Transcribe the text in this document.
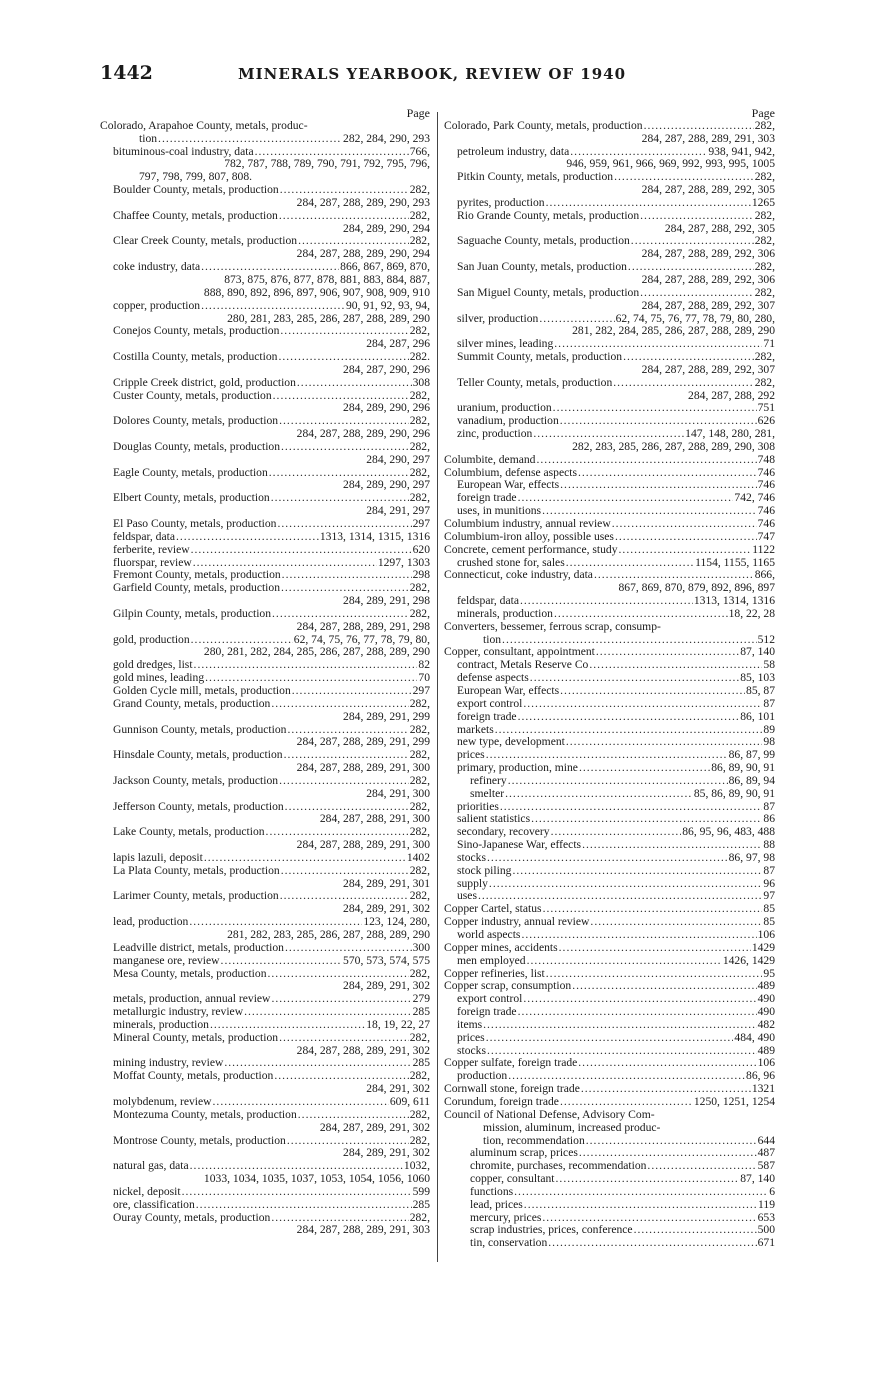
1442	MINERALS YEARBOOK, REVIEW OF 1940
Page
Colorado, Arapahoe County, metals, produc-
tion .....	282, 284, 290, 293
bituminous-coal industry, data .....	766,
782, 787, 788, 789, 790, 791, 792, 795, 796,
797, 798, 799, 807, 808.
Boulder County, metals, production .....	282,
284, 287, 288, 289, 290, 293
Chaffee County, metals, production .....	282,
284, 289, 290, 294
Clear Creek County, metals, production .....	282,
284, 287, 288, 289, 290, 294
coke industry, data .....	866, 867, 869, 870,
873, 875, 876, 877, 878, 881, 883, 884, 887,
888, 890, 892, 896, 897, 906, 907, 908, 909, 910
copper, production .....	90, 91, 92, 93, 94,
280, 281, 283, 285, 286, 287, 288, 289, 290
Conejos County, metals, production .....	282,
284, 287, 296
Costilla County, metals, production .....	282.
284, 287, 290, 296
Cripple Creek district, gold, production .....	308
Custer County, metals, production .....	282,
284, 289, 290, 296
Dolores County, metals, production .....	282,
284, 287, 288, 289, 290, 296
Douglas County, metals, production .....	282,
284, 290, 297
Eagle County, metals, production .....	282,
284, 289, 290, 297
Elbert County, metals, production .....	282,
284, 291, 297
El Paso County, metals, production .....	297
feldspar, data .....	1313, 1314, 1315, 1316
ferberite, review .....	620
fluorspar, review .....	1297, 1303
Fremont County, metals, production .....	298
Garfield County, metals, production .....	282,
284, 289, 291, 298
Gilpin County, metals, production .....	282,
284, 287, 288, 289, 291, 298
gold, production .....	62, 74, 75, 76, 77, 78, 79, 80,
280, 281, 282, 284, 285, 286, 287, 288, 289, 290
gold dredges, list .....	82
gold mines, leading .....	70
Golden Cycle mill, metals, production .....	297
Grand County, metals, production .....	282,
284, 289, 291, 299
Gunnison County, metals, production .....	282,
284, 287, 288, 289, 291, 299
Hinsdale County, metals, production .....	282,
284, 287, 288, 289, 291, 300
Jackson County, metals, production .....	282,
284, 291, 300
Jefferson County, metals, production .....	282,
284, 287, 288, 291, 300
Lake County, metals, production .....	282,
284, 287, 288, 289, 291, 300
lapis lazuli, deposit .....	1402
La Plata County, metals, production .....	282,
284, 289, 291, 301
Larimer County, metals, production .....	282,
284, 289, 291, 302
lead, production .....	123, 124, 280,
281, 282, 283, 285, 286, 287, 288, 289, 290
Leadville district, metals, production .....	300
manganese ore, review .....	570, 573, 574, 575
Mesa County, metals, production .....	282,
284, 289, 291, 302
metals, production, annual review .....	279
metallurgic industry, review .....	285
minerals, production .....	18, 19, 22, 27
Mineral County, metals, production .....	282,
284, 287, 288, 289, 291, 302
mining industry, review .....	285
Moffat County, metals, production .....	282,
284, 291, 302
molybdenum, review .....	609, 611
Montezuma County, metals, production .....	282,
284, 287, 289, 291, 302
Montrose County, metals, production .....	282,
284, 289, 291, 302
natural gas, data .....	1032,
1033, 1034, 1035, 1037, 1053, 1054, 1056, 1060
nickel, deposit .....	599
ore, classification .....	285
Ouray County, metals, production .....	282,
284, 287, 288, 289, 291, 303
Page
Colorado, Park County, metals, production .....	282,
284, 287, 288, 289, 291, 303
petroleum industry, data .....	938, 941, 942,
946, 959, 961, 966, 969, 992, 993, 995, 1005
Pitkin County, metals, production .....	282,
284, 287, 288, 289, 292, 305
pyrites, production .....	1265
Rio Grande County, metals, production .....	282,
284, 287, 288, 292, 305
Saguache County, metals, production .....	282,
284, 287, 288, 289, 292, 306
San Juan County, metals, production .....	282,
284, 287, 288, 289, 292, 306
San Miguel County, metals, production .....	282,
284, 287, 288, 289, 292, 307
silver, production .....	62, 74, 75, 76, 77, 78, 79, 80, 280,
281, 282, 284, 285, 286, 287, 288, 289, 290
silver mines, leading .....	71
Summit County, metals, production .....	282,
284, 287, 288, 289, 292, 307
Teller County, metals, production .....	282,
284, 287, 288, 292
uranium, production .....	751
vanadium, production .....	626
zinc, production .....	147, 148, 280, 281,
282, 283, 285, 286, 287, 288, 289, 290, 308
Columbite, demand .....	748
Columbium, defense aspects .....	746
European War, effects .....	746
foreign trade .....	742, 746
uses, in munitions .....	746
Columbium industry, annual review .....	746
Columbium-iron alloy, possible uses .....	747
Concrete, cement performance, study .....	1122
crushed stone for, sales .....	1154, 1155, 1165
Connecticut, coke industry, data .....	866,
867, 869, 870, 879, 892, 896, 897
feldspar, data .....	1313, 1314, 1316
minerals, production .....	18, 22, 28
Converters, bessemer, ferrous scrap, consump-
tion .....	512
Copper, consultant, appointment .....	87, 140
contract, Metals Reserve Co .....	58
defense aspects .....	85, 103
European War, effects .....	85, 87
export control .....	87
foreign trade .....	86, 101
markets .....	89
new type, development .....	98
prices .....	86, 87, 99
primary, production, mine .....	86, 89, 90, 91
refinery .....	86, 89, 94
smelter .....	85, 86, 89, 90, 91
priorities .....	87
salient statistics .....	86
secondary, recovery .....	86, 95, 96, 483, 488
Sino-Japanese War, effects .....	88
stocks .....	86, 97, 98
stock piling .....	87
supply .....	96
uses .....	97
Copper Cartel, status .....	85
Copper industry, annual review .....	85
world aspects .....	106
Copper mines, accidents .....	1429
men employed .....	1426, 1429
Copper refineries, list .....	95
Copper scrap, consumption .....	489
export control .....	490
foreign trade .....	490
items .....	482
prices .....	484, 490
stocks .....	489
Copper sulfate, foreign trade .....	106
production .....	86, 96
Cornwall stone, foreign trade .....	1321
Corundum, foreign trade .....	1250, 1251, 1254
Council of National Defense, Advisory Com-
mission, aluminum, increased produc-
tion, recommendation .....	644
aluminum scrap, prices .....	487
chromite, purchases, recommendation .....	587
copper, consultant .....	87, 140
functions .....	6
lead, prices .....	119
mercury, prices .....	653
scrap industries, prices, conference .....	500
tin, conservation .....	671
